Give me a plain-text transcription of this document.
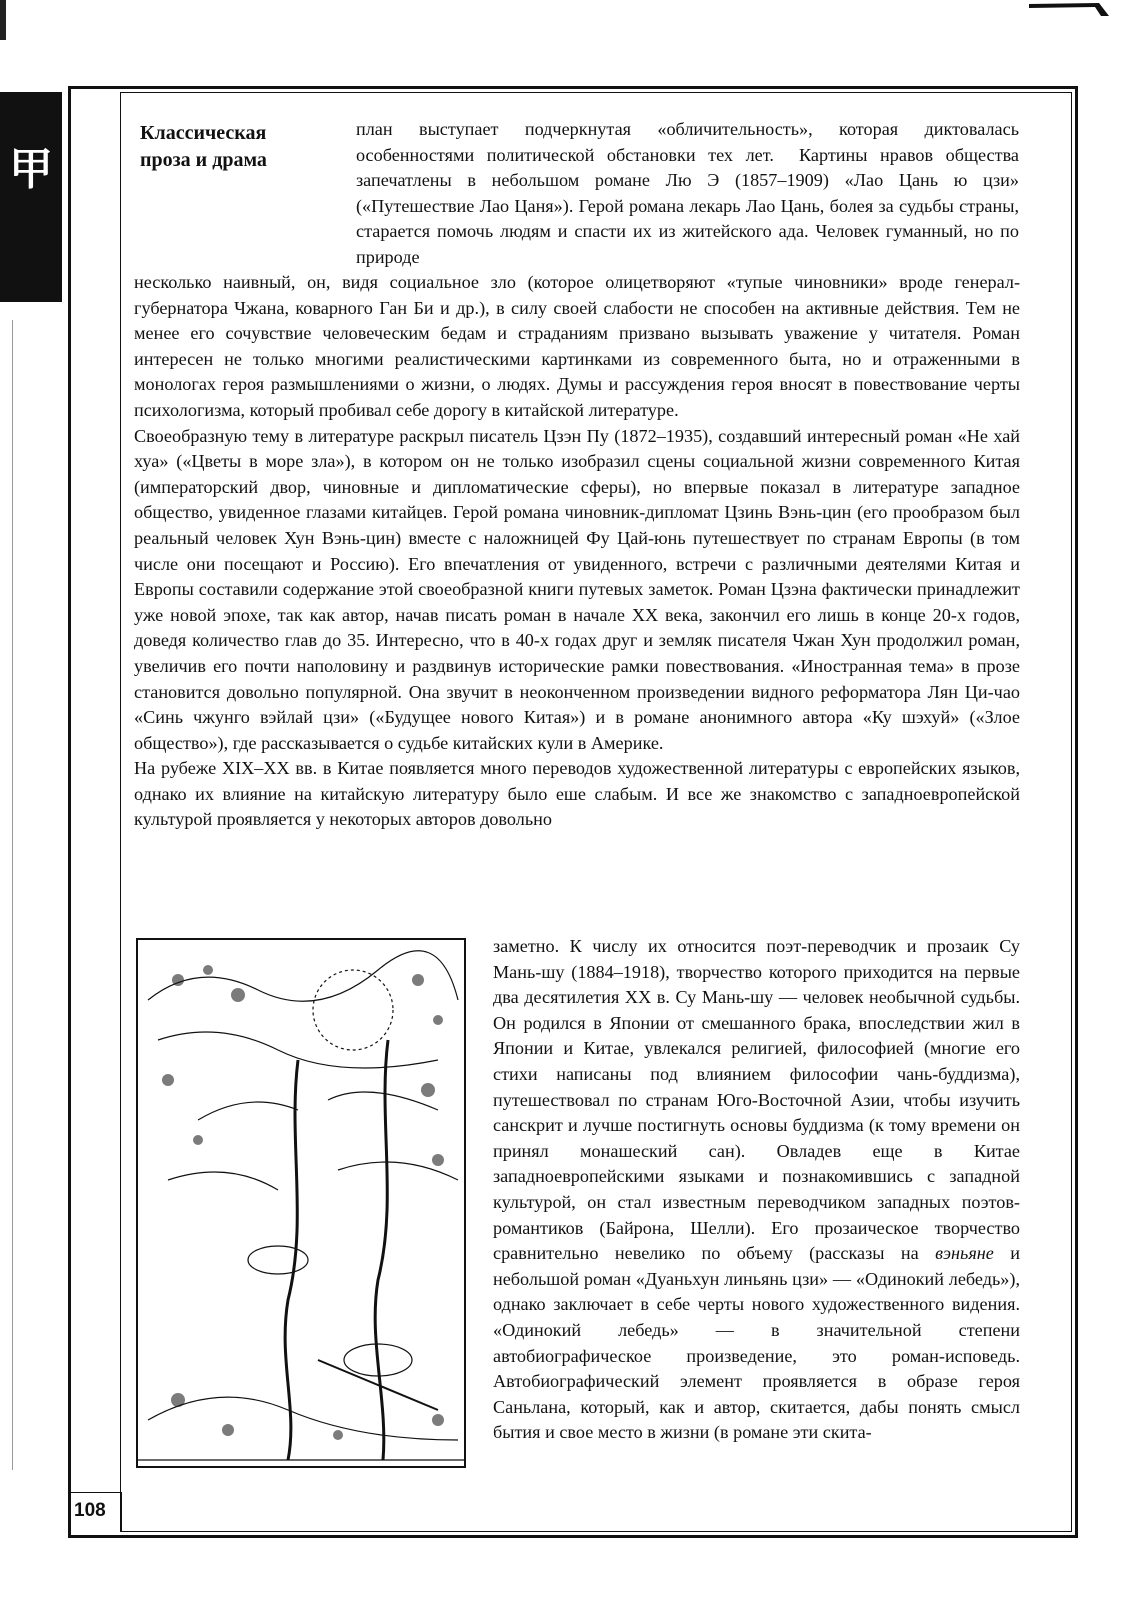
甲
Классическая проза и драма

план выступает подчеркнутая «обличительность», которая диктовалась особенностями политической обстановки тех лет.  Картины нравов общества запечатлены в небольшом романе Лю Э (1857–1909) «Лао Цань ю цзи» («Путешествие Лао Цаня»). Герой романа лекарь Лао Цань, болея за судьбы страны, старается помочь людям и спасти их из житейского ада. Человек гуманный, но по природе

несколько наивный, он, видя социальное зло (которое олицетворяют «тупые чиновники» вроде генерал-губернатора Чжана, коварного Ган Би и др.), в силу своей слабости не способен на активные действия. Тем не менее его сочувствие человеческим бедам и страданиям призвано вызывать уважение у читателя. Роман интересен не только многими реалистическими картинками из современного быта, но и отраженными в монологах героя размышлениями о жизни, о людях. Думы и рассуждения героя вносят в повествование черты психологизма, который пробивал себе дорогу в китайской литературе.

Своеобразную тему в литературе раскрыл писатель Цзэн Пу (1872–1935), создавший интересный роман «Не хай хуа» («Цветы в море зла»), в котором он не только изобразил сцены социальной жизни современного Китая (императорский двор, чиновные и дипломатические сферы), но впервые показал в литературе западное общество, увиденное глазами китайцев. Герой романа чиновник-дипломат Цзинь Вэнь-цин (его прообразом был реальный человек Хун Вэнь-цин) вместе с наложницей Фу Цай-юнь путешествует по странам Европы (в том числе они посещают и Россию). Его впечатления от увиденного, встречи с различными деятелями Китая и Европы составили содержание этой своеобразной книги путевых заметок. Роман Цзэна фактически принадлежит уже новой эпохе, так как автор, начав писать роман в начале XX века, закончил его лишь в конце 20-х годов, доведя количество глав до 35. Интересно, что в 40-х годах друг и земляк писателя Чжан Хун продолжил роман, увеличив его почти наполовину и раздвинув исторические рамки повествования. «Иностранная тема» в прозе становится довольно популярной. Она звучит в неоконченном произведении видного реформатора Лян Ци-чао «Синь чжунго вэйлай цзи» («Будущее нового Китая») и в романе анонимного автора «Ку шэхуй» («Злое общество»), где рассказывается о судьбе китайских кули в Америке.

На рубеже XIX–XX вв. в Китае появляется много переводов художественной литературы с европейских языков, однако их влияние на китайскую литературу было еше слабым. И все же знакомство с западноевропейской культурой проявляется у некоторых авторов довольно

заметно. К числу их относится поэт-переводчик и прозаик Су Мань-шу (1884–1918), творчество которого приходится на первые два десятилетия XX в. Су Мань-шу — человек необычной судьбы. Он родился в Японии от смешанного брака, впоследствии жил в Японии и Китае, увлекался религией, философией (многие его стихи написаны под влиянием философии чань-буддизма), путешествовал по странам Юго-Восточной Азии, чтобы изучить санскрит и лучше постигнуть основы буддизма (к тому времени он принял монашеский сан). Овладев еще в Китае западноевропейскими языками и познакомившись с западной культурой, он стал известным переводчиком западных поэтов-романтиков (Байрона, Шелли). Его прозаическое творчество сравнительно невелико по объему (рассказы на вэньяне и небольшой роман «Дуаньхун линьянь цзи» — «Одинокий лебедь»), однако заключает в себе черты нового художественного видения. «Одинокий лебедь» — в значительной степени автобиографическое произведение, это роман-исповедь. Автобиографический элемент проявляется в образе героя Саньлана, который, как и автор, скитается, дабы понять смысл бытия и свое место в жизни (в романе эти скита-

108
